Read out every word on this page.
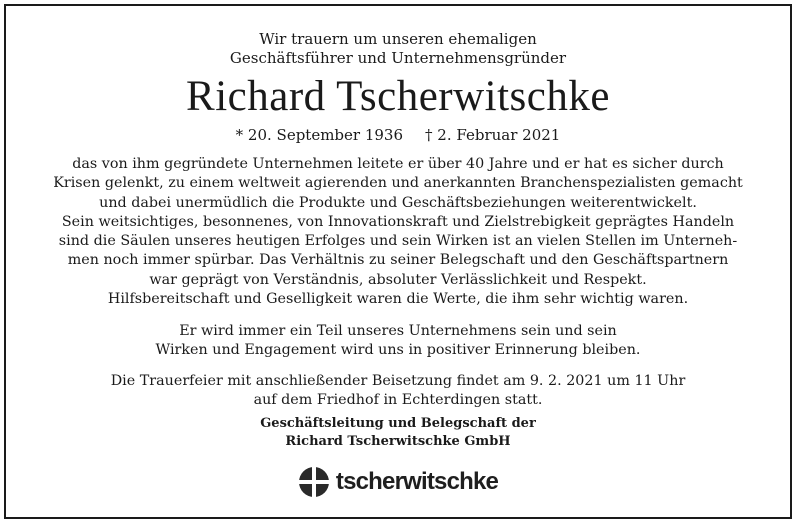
Wir trauern um unseren ehemaligen
Geschäftsführer und Unternehmensgründer
Richard Tscherwitschke
* 20. September 1936 † 2. Februar 2021
das von ihm gegründete Unternehmen leitete er über 40 Jahre und er hat es sicher durch
Krisen gelenkt, zu einem weltweit agierenden und anerkannten Branchenspezialisten gemacht
und dabei unermüdlich die Produkte und Geschäftsbeziehungen weiterentwickelt.
Sein weitsichtiges, besonnenes, von Innovationskraft und Zielstrebigkeit geprägtes Handeln
sind die Säulen unseres heutigen Erfolges und sein Wirken ist an vielen Stellen im Unterneh-
men noch immer spürbar. Das Verhältnis zu seiner Belegschaft und den Geschäftspartnern
war geprägt von Verständnis, absoluter Verlässlichkeit und Respekt.
Hilfsbereitschaft und Geselligkeit waren die Werte, die ihm sehr wichtig waren.
Er wird immer ein Teil unseres Unternehmens sein und sein
Wirken und Engagement wird uns in positiver Erinnerung bleiben.
Die Trauerfeier mit anschließender Beisetzung findet am 9. 2. 2021 um 11 Uhr
auf dem Friedhof in Echterdingen statt.
Geschäftsleitung und Belegschaft der
Richard Tscherwitschke GmbH
tscherwitschke
